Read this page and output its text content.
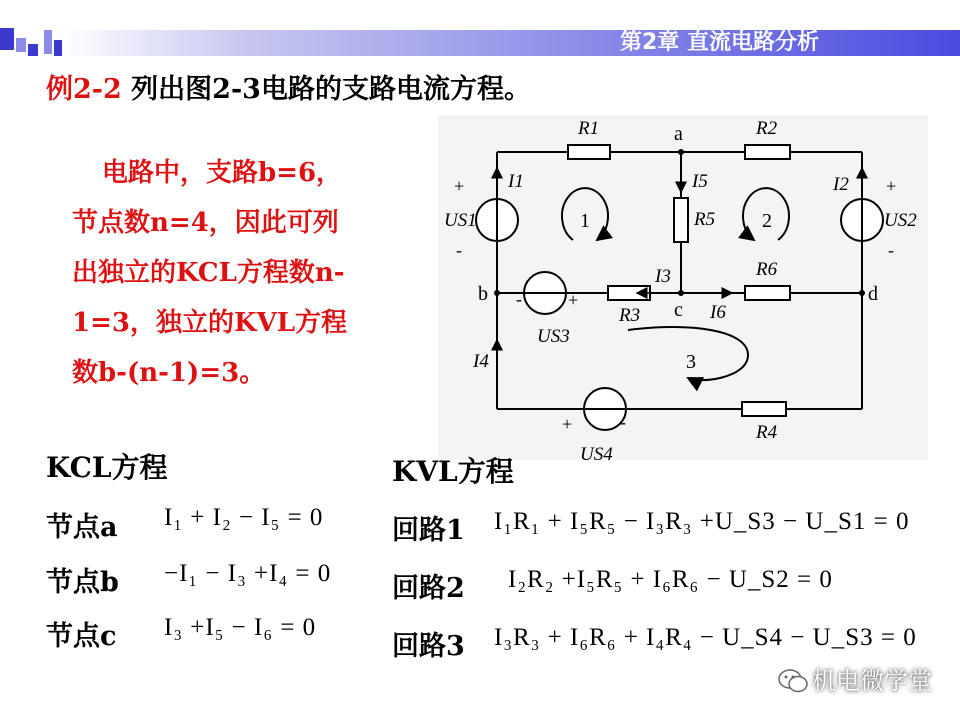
第2章 直流电路分析
例2-2 列出图2-3电路的支路电流方程。
电路中，支路b=6，
节点数n=4，因此可列
出独立的KCL方程数n-
1=3，独立的KVL方程
数b-(n-1)=3。
R1	R2
R3
R4
R5
R6
I1	I2
I3
I4
I5
I6
US1	US2
US3
US4
a
b
c
d
1	2
3
+
-
+
-
-	+
+	-
KCL方程
节点a I₁ + I₂ − I₅ = 0
节点b −I₁ − I₃ +I₄ = 0
节点c I₃ +I₅ − I₆ = 0
KVL方程
回路1 I₁R₁ + I₅R₅ − I₃R₃ +U_S3 − U_S1 = 0
回路2 I₂R₂ +I₅R₅ + I₆R₆ − U_S2 = 0
回路3 I₃R₃ + I₆R₆ + I₄R₄ − U_S4 − U_S3 = 0
机电微学堂
